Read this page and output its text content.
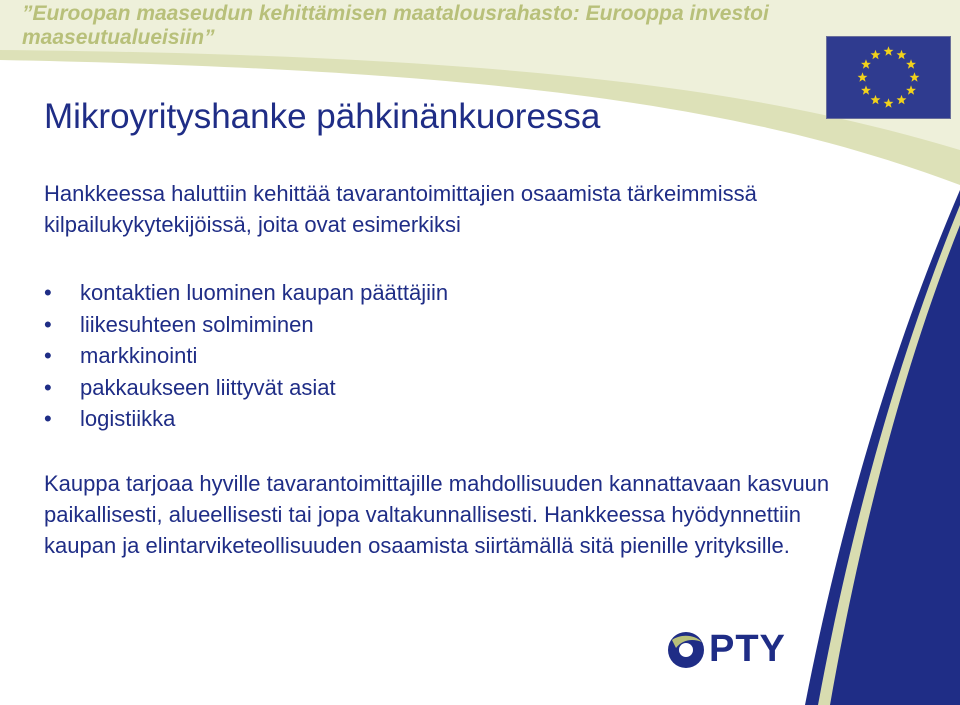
”Euroopan maaseudun kehittämisen maatalousrahasto: Eurooppa investoi maaseutualueisiin”
Mikroyrityshanke pähkinänkuoressa
Hankkeessa haluttiin kehittää tavarantoimittajien osaamista tärkeimmissä kilpailukykytekijöissä, joita ovat esimerkiksi
• kontaktien luominen kaupan päättäjiin
• liikesuhteen solmiminen
• markkinointi
• pakkaukseen liittyvät asiat
• logistiikka
Kauppa tarjoaa hyville tavarantoimittajille mahdollisuuden kannattavaan kasvuun paikallisesti, alueellisesti tai jopa valtakunnallisesti. Hankkeessa hyödynnettiin kaupan ja elintarviketeollisuuden osaamista siirtämällä sitä pienille yrityksille.
PTY
